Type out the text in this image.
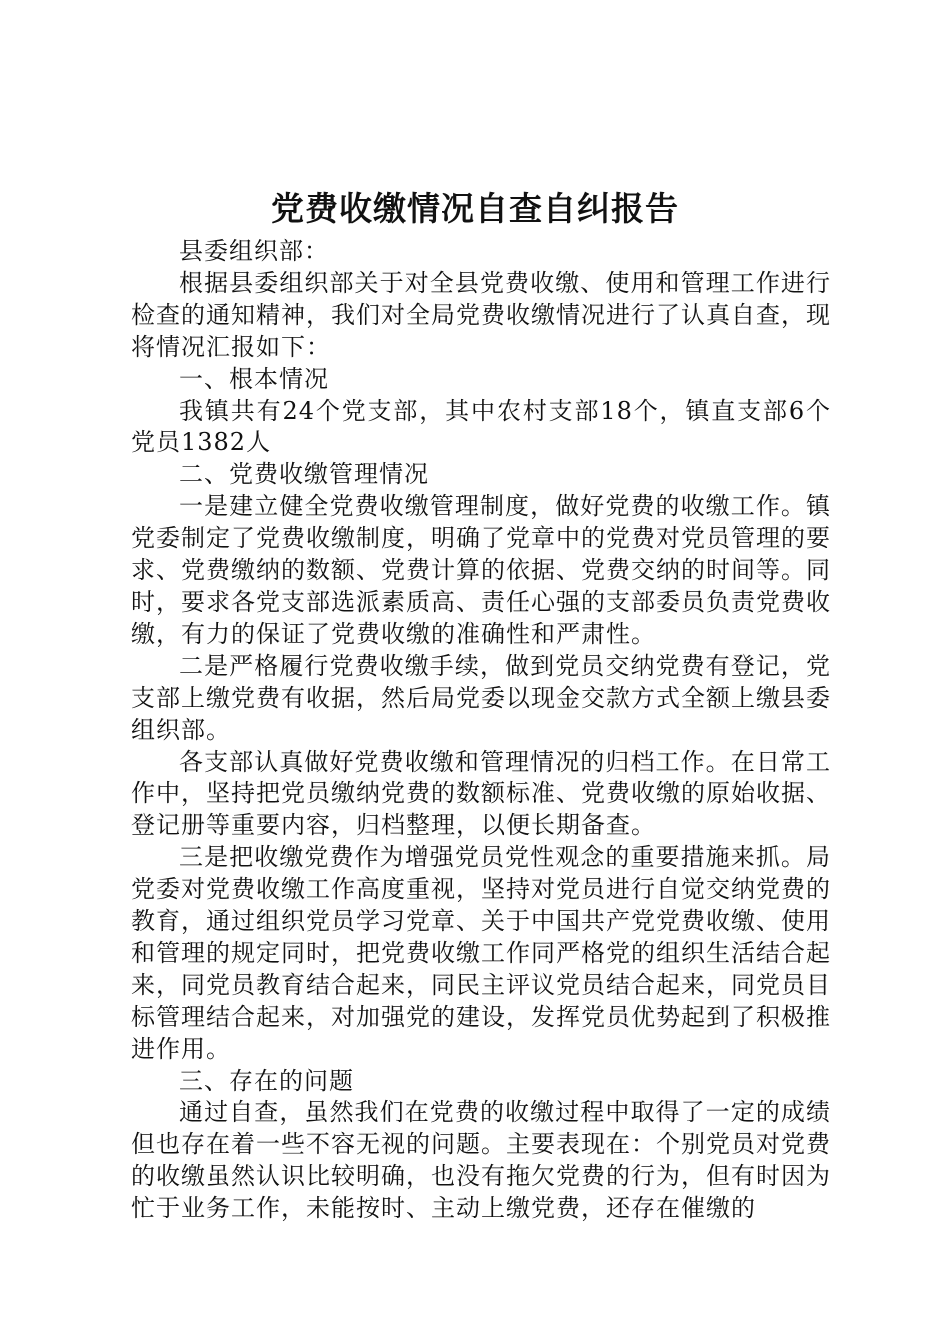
党费收缴情况自查自纠报告

县委组织部：

根据县委组织部关于对全县党费收缴、使用和管理工作进行检查的通知精神，我们对全局党费收缴情况进行了认真自查，现将情况汇报如下：

一、根本情况

我镇共有24个党支部，其中农村支部18个，镇直支部6个党员1382人

二、党费收缴管理情况

一是建立健全党费收缴管理制度，做好党费的收缴工作。镇党委制定了党费收缴制度，明确了党章中的党费对党员管理的要求、党费缴纳的数额、党费计算的依据、党费交纳的时间等。同时，要求各党支部选派素质高、责任心强的支部委员负责党费收缴，有力的保证了党费收缴的准确性和严肃性。

二是严格履行党费收缴手续，做到党员交纳党费有登记，党支部上缴党费有收据，然后局党委以现金交款方式全额上缴县委组织部。

各支部认真做好党费收缴和管理情况的归档工作。在日常工作中，坚持把党员缴纳党费的数额标准、党费收缴的原始收据、登记册等重要内容，归档整理，以便长期备查。

三是把收缴党费作为增强党员党性观念的重要措施来抓。局党委对党费收缴工作高度重视，坚持对党员进行自觉交纳党费的教育，通过组织党员学习党章、关于中国共产党党费收缴、使用和管理的规定同时，把党费收缴工作同严格党的组织生活结合起来，同党员教育结合起来，同民主评议党员结合起来，同党员目标管理结合起来，对加强党的建设，发挥党员优势起到了积极推进作用。

三、存在的问题

通过自查，虽然我们在党费的收缴过程中取得了一定的成绩但也存在着一些不容无视的问题。主要表现在：个别党员对党费的收缴虽然认识比较明确，也没有拖欠党费的行为，但有时因为忙于业务工作，未能按时、主动上缴党费，还存在催缴的
